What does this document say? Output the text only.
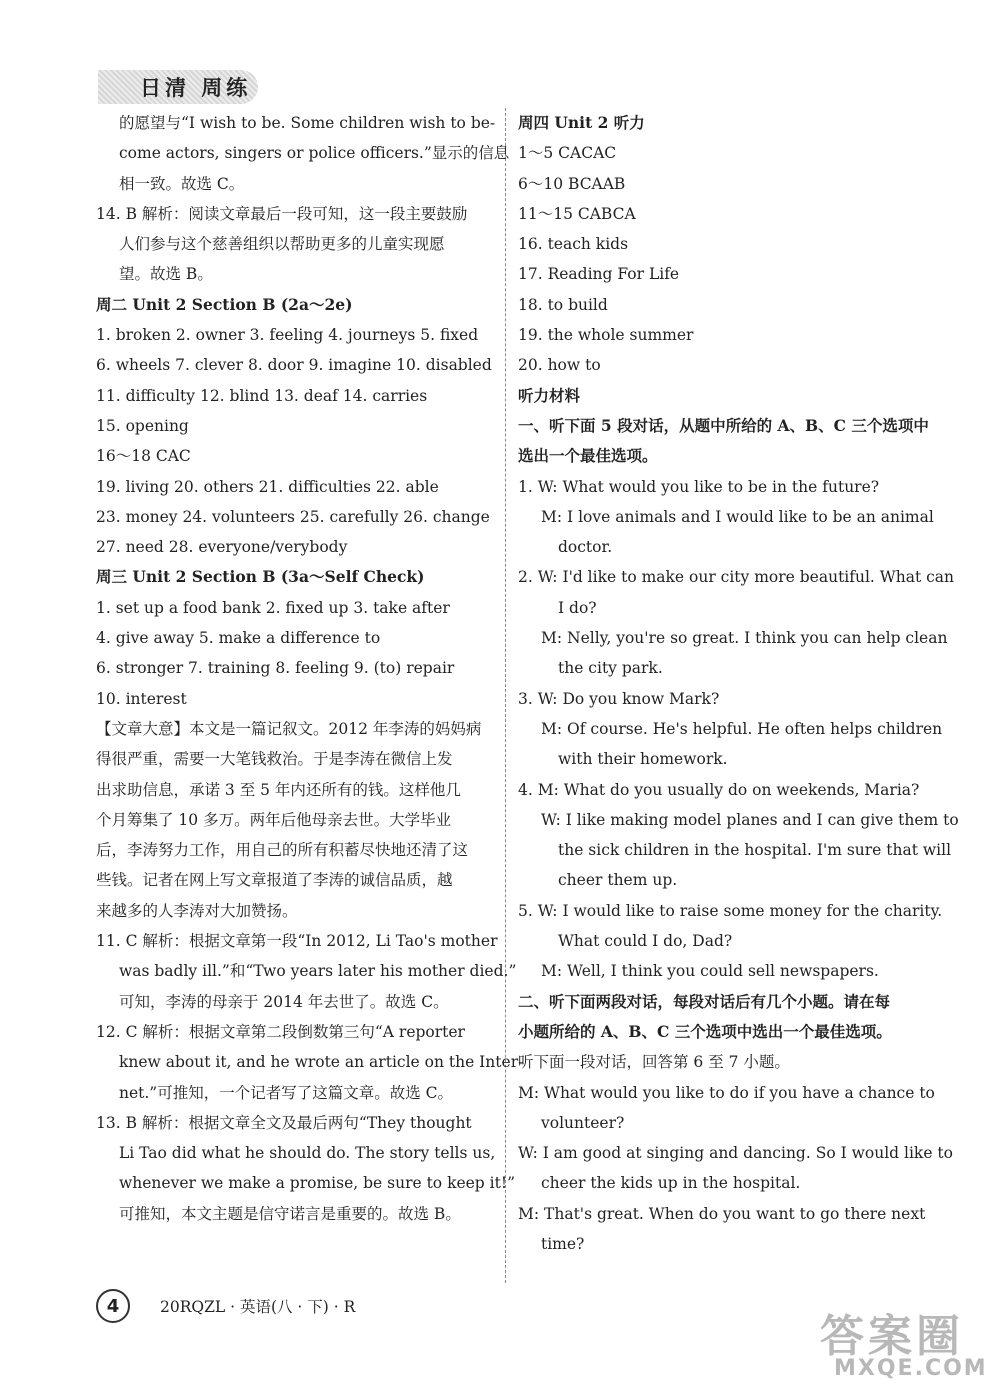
日清 周练
的愿望与“I wish to be. Some children wish to be-
come actors, singers or police officers.”显示的信息
相一致。故选 C。
14. B 解析：阅读文章最后一段可知，这一段主要鼓励
人们参与这个慈善组织以帮助更多的儿童实现愿
望。故选 B。
周二 Unit 2 Section B (2a～2e)
1. broken 2. owner 3. feeling 4. journeys 5. fixed
6. wheels 7. clever 8. door 9. imagine 10. disabled
11. difficulty 12. blind 13. deaf 14. carries
15. opening
16～18 CAC
19. living 20. others 21. difficulties 22. able
23. money 24. volunteers 25. carefully 26. change
27. need 28. everyone/verybody
周三 Unit 2 Section B (3a～Self Check)
1. set up a food bank 2. fixed up 3. take after
4. give away 5. make a difference to
6. stronger 7. training 8. feeling 9. (to) repair
10. interest
【文章大意】本文是一篇记叙文。2012 年李涛的妈妈病
得很严重，需要一大笔钱救治。于是李涛在微信上发
出求助信息，承诺 3 至 5 年内还所有的钱。这样他几
个月筹集了 10 多万。两年后他母亲去世。大学毕业
后，李涛努力工作，用自己的所有积蓄尽快地还清了这
些钱。记者在网上写文章报道了李涛的诚信品质，越
来越多的人李涛对大加赞扬。
11. C 解析：根据文章第一段“In 2012, Li Tao's mother
was badly ill.”和“Two years later his mother died.”
可知，李涛的母亲于 2014 年去世了。故选 C。
12. C 解析：根据文章第二段倒数第三句“A reporter
knew about it, and he wrote an article on the Inter-
net.”可推知，一个记者写了这篇文章。故选 C。
13. B 解析：根据文章全文及最后两句“They thought
Li Tao did what he should do. The story tells us,
whenever we make a promise, be sure to keep it!”
可推知，本文主题是信守诺言是重要的。故选 B。
周四 Unit 2 听力
1～5 CACAC
6～10 BCAAB
11～15 CABCA
16. teach kids
17. Reading For Life
18. to build
19. the whole summer
20. how to
听力材料
一、听下面 5 段对话，从题中所给的 A、B、C 三个选项中
选出一个最佳选项。
1. W: What would you like to be in the future?
M: I love animals and I would like to be an animal
doctor.
2. W: I'd like to make our city more beautiful. What can
I do?
M: Nelly, you're so great. I think you can help clean
the city park.
3. W: Do you know Mark?
M: Of course. He's helpful. He often helps children
with their homework.
4. M: What do you usually do on weekends, Maria?
W: I like making model planes and I can give them to
the sick children in the hospital. I'm sure that will
cheer them up.
5. W: I would like to raise some money for the charity.
What could I do, Dad?
M: Well, I think you could sell newspapers.
二、听下面两段对话，每段对话后有几个小题。请在每
小题所给的 A、B、C 三个选项中选出一个最佳选项。
听下面一段对话，回答第 6 至 7 小题。
M: What would you like to do if you have a chance to
volunteer?
W: I am good at singing and dancing. So I would like to
cheer the kids up in the hospital.
M: That's great. When do you want to go there next
time?
4	20RQZL · 英语(八 · 下) · R
答案圈
MXQE.COM
